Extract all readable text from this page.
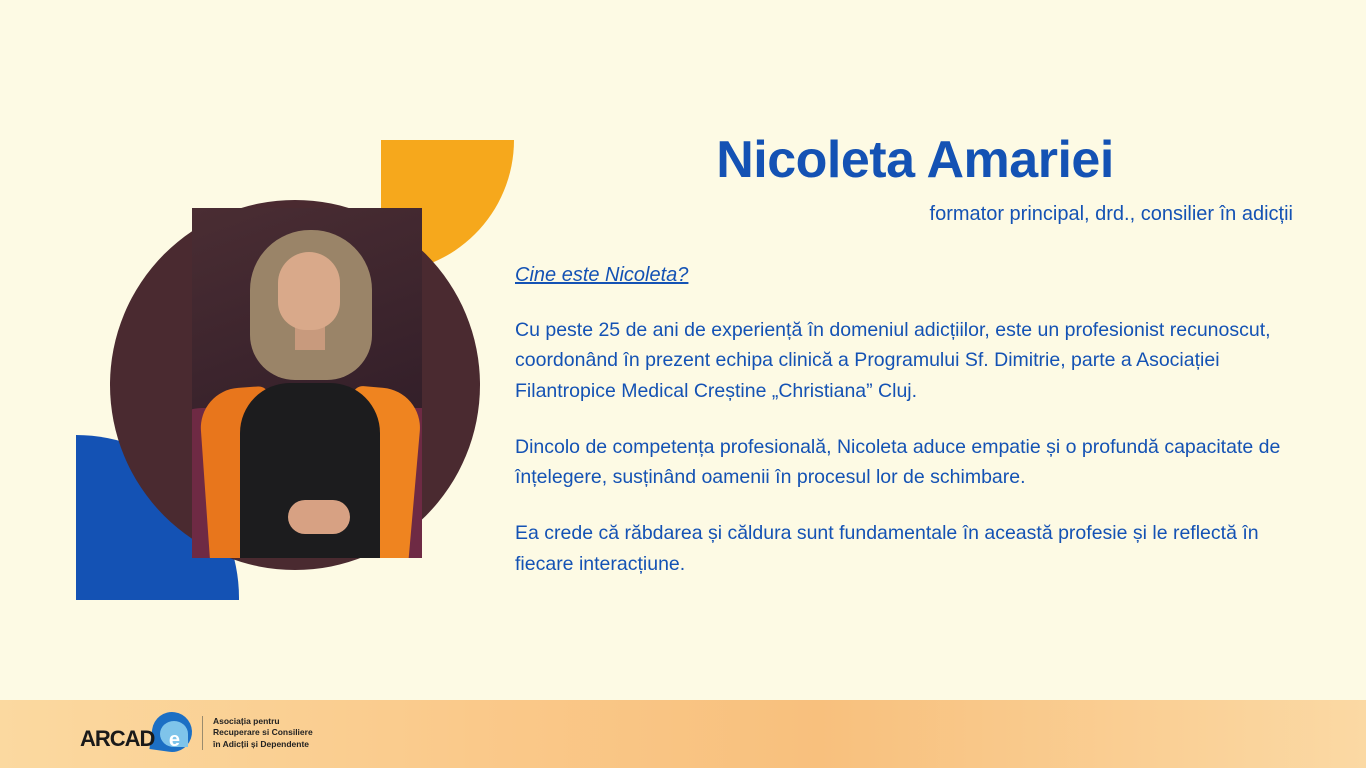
Nicoleta Amariei
formator principal, drd., consilier în adicții
Cine este Nicoleta?

Cu peste 25 de ani de experiență în domeniul adicțiilor, este un profesionist recunoscut, coordonând în prezent echipa clinică a Programului Sf. Dimitrie, parte a Asociației Filantropice Medical Creștine „Christiana” Cluj.

Dincolo de competența profesională, Nicoleta aduce empatie și o profundă capacitate de înțelegere, susținând oamenii în procesul lor de schimbare.

Ea crede că răbdarea și căldura sunt fundamentale în această profesie și le reflectă în fiecare interacțiune.

ARCAD e
Asociația pentru
Recuperare si Consiliere
în Adicții și Dependente
